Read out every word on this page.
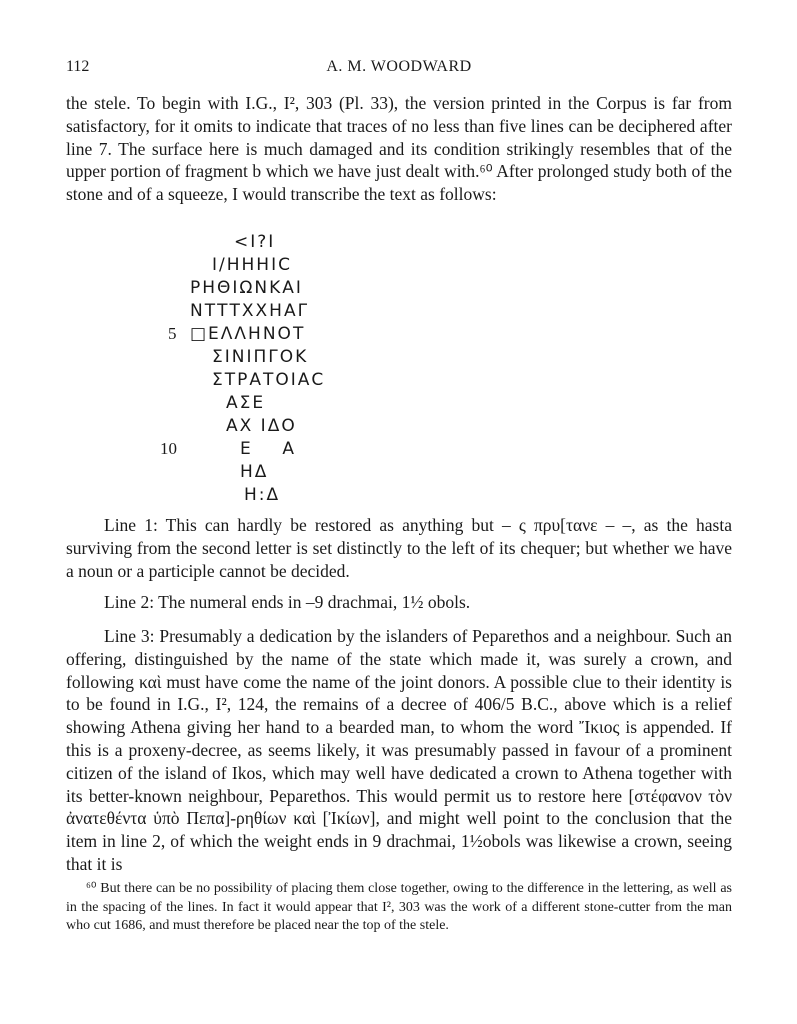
112	A. M. WOODWARD

the stele. To begin with I.G., I², 303 (Pl. 33), the version printed in the Corpus is far from satisfactory, for it omits to indicate that traces of no less than five lines can be deciphered after line 7. The surface here is much damaged and its condition strikingly resembles that of the upper portion of fragment b which we have just dealt with.⁶⁰ After prolonged study both of the stone and of a squeeze, I would transcribe the text as follows:

<I?I
I/ΗΗΗΙC
ΡΗΘΙΩΝΚΑΙ
ΝΤΤΤΧΧΗΑΓ
5 □ΕΛΛΗΝΟΤ
ΣΙΝΙΠΓΟΚ
ΣΤΡΑΤΟΙΑC
ΑΣΕ
ΑΧ ΙΔΟ
10	Ε    Α
ΗΔ
Η:Δ

Line 1: This can hardly be restored as anything but – ς πρυ[τανε – –, as the hasta surviving from the second letter is set distinctly to the left of its chequer; but whether we have a noun or a participle cannot be decided.

Line 2: The numeral ends in –9 drachmai, 1½ obols.

Line 3: Presumably a dedication by the islanders of Peparethos and a neighbour. Such an offering, distinguished by the name of the state which made it, was surely a crown, and following καὶ must have come the name of the joint donors. A possible clue to their identity is to be found in I.G., I², 124, the remains of a decree of 406/5 B.C., above which is a relief showing Athena giving her hand to a bearded man, to whom the word Ἴκιος is appended. If this is a proxeny-decree, as seems likely, it was presumably passed in favour of a prominent citizen of the island of Ikos, which may well have dedicated a crown to Athena together with its better-known neighbour, Peparethos. This would permit us to restore here [στέφανον τὸν ἀνατεθέντα ὑπὸ Πεπα]-ρηθίων καὶ [Ἰκίων], and might well point to the conclusion that the item in line 2, of which the weight ends in 9 drachmai, 1½obols was likewise a crown, seeing that it is

⁶⁰ But there can be no possibility of placing them close together, owing to the difference in the lettering, as well as in the spacing of the lines. In fact it would appear that I², 303 was the work of a different stone-cutter from the man who cut 1686, and must therefore be placed near the top of the stele.
